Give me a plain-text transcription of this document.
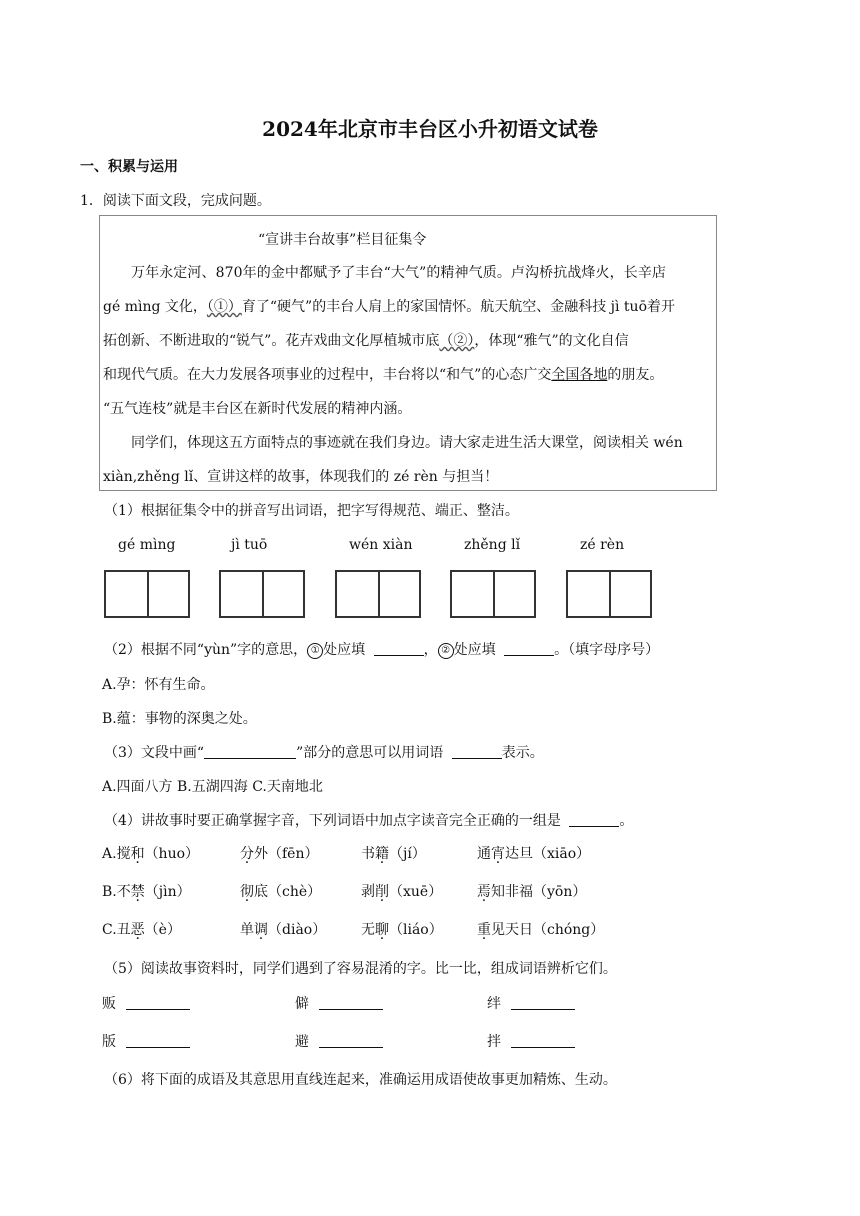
2024年北京市丰台区小升初语文试卷
一、积累与运用
1．阅读下面文段，完成问题。
“宣讲丰台故事”栏目征集令
万年永定河、870年的金中都赋予了丰台“大气”的精神气质。卢沟桥抗战烽火，长辛店
gé mìng 文化，（①）育了“硬气”的丰台人肩上的家国情怀。航天航空、金融科技 jì tuō着开
拓创新、不断进取的“锐气”。花卉戏曲文化厚植城市底（②），体现“雅气”的文化自信
和现代气质。在大力发展各项事业的过程中，丰台将以“和气”的心态广交全国各地的朋友。
“五气连枝”就是丰台区在新时代发展的精神内涵。
同学们，体现这五方面特点的事迹就在我们身边。请大家走进生活大课堂，阅读相关 wén
xiàn,zhěng lǐ、宣讲这样的故事，体现我们的 zé rèn 与担当！
（1）根据征集令中的拼音写出词语，把字写得规范、端正、整洁。
gé mìng	jì tuō	wén xiàn	zhěng lǐ	zé rèn
（2）根据不同“yùn”字的意思， ① 处应填	， ② 处应填	。（填字母序号）
A.孕：怀有生命。
B.蕴：事物的深奥之处。
（3）文段中画“	”部分的意思可以用词语	表示。
A.四面八方 B.五湖四海 C.天南地北
（4）讲故事时要正确掌握字音，下列词语中加点字读音完全正确的一组是	。
A.搅和（huo）	分外（fēn）	书籍（jí）	通宵达旦（xiāo）
B.不禁（jìn）	彻底（chè）	剥削（xuē） 焉知非福（yōn）
C.丑恶（è）	单调（diào） 无聊（liáo） 重见天日（chóng）
（5）阅读故事资料时，同学们遇到了容易混淆的字。比一比，组成词语辨析它们。
贩	僻	绊
版	避	拌
（6）将下面的成语及其意思用直线连起来，准确运用成语使故事更加精炼、生动。
